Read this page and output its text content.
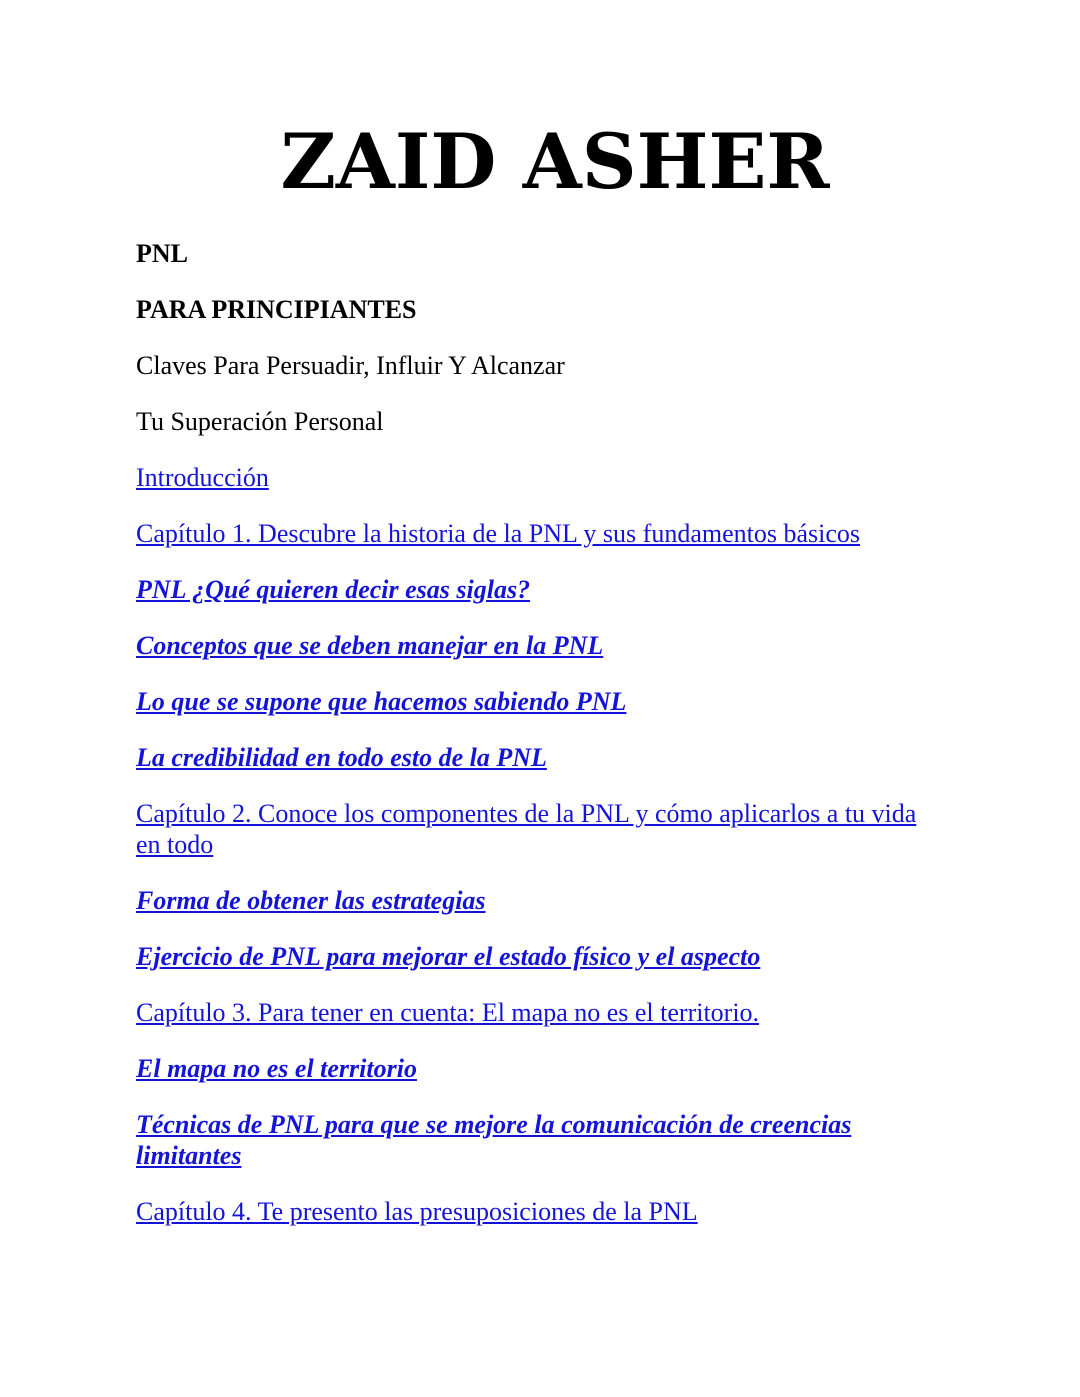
ZAID ASHER

PNL

PARA PRINCIPIANTES

Claves Para Persuadir, Influir Y Alcanzar

Tu Superación Personal

Introducción

Capítulo 1. Descubre la historia de la PNL y sus fundamentos básicos

PNL ¿Qué quieren decir esas siglas?

Conceptos que se deben manejar en la PNL

Lo que se supone que hacemos sabiendo PNL

La credibilidad en todo esto de la PNL

Capítulo 2. Conoce los componentes de la PNL y cómo aplicarlos a tu vida en todo

Forma de obtener las estrategias

Ejercicio de PNL para mejorar el estado físico y el aspecto

Capítulo 3. Para tener en cuenta: El mapa no es el territorio.

El mapa no es el territorio

Técnicas de PNL para que se mejore la comunicación de creencias limitantes

Capítulo 4. Te presento las presuposiciones de la PNL
